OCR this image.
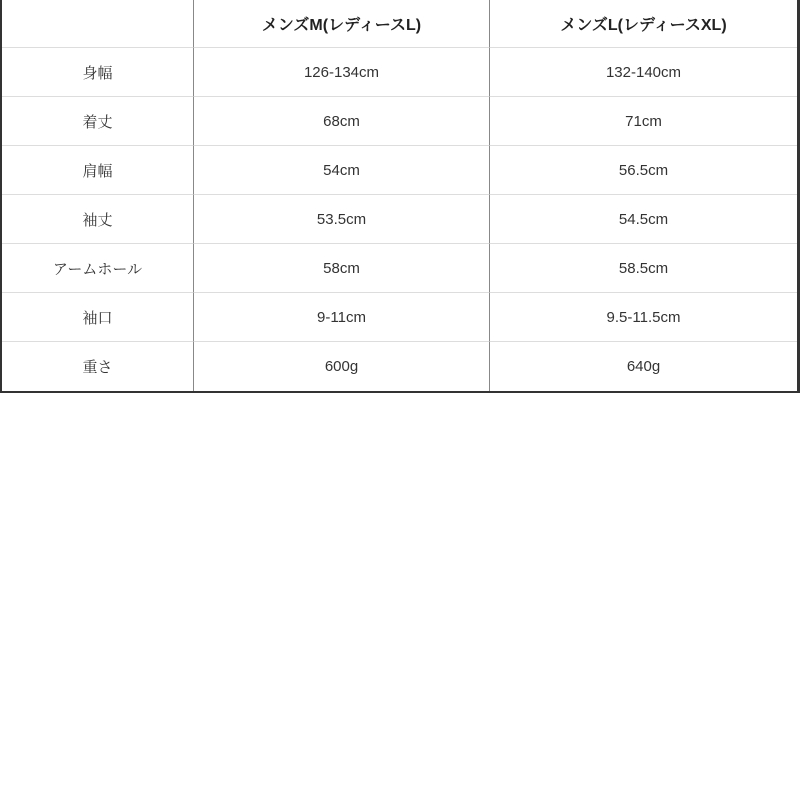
	メンズM(レディースL)	メンズL(レディースXL)
身幅	126-134cm	132-140cm
着丈	68cm	71cm
肩幅	54cm	56.5cm
袖丈	53.5cm	54.5cm
アームホール	58cm	58.5cm
袖口	9-11cm	9.5-11.5cm
重さ	600g	640g
